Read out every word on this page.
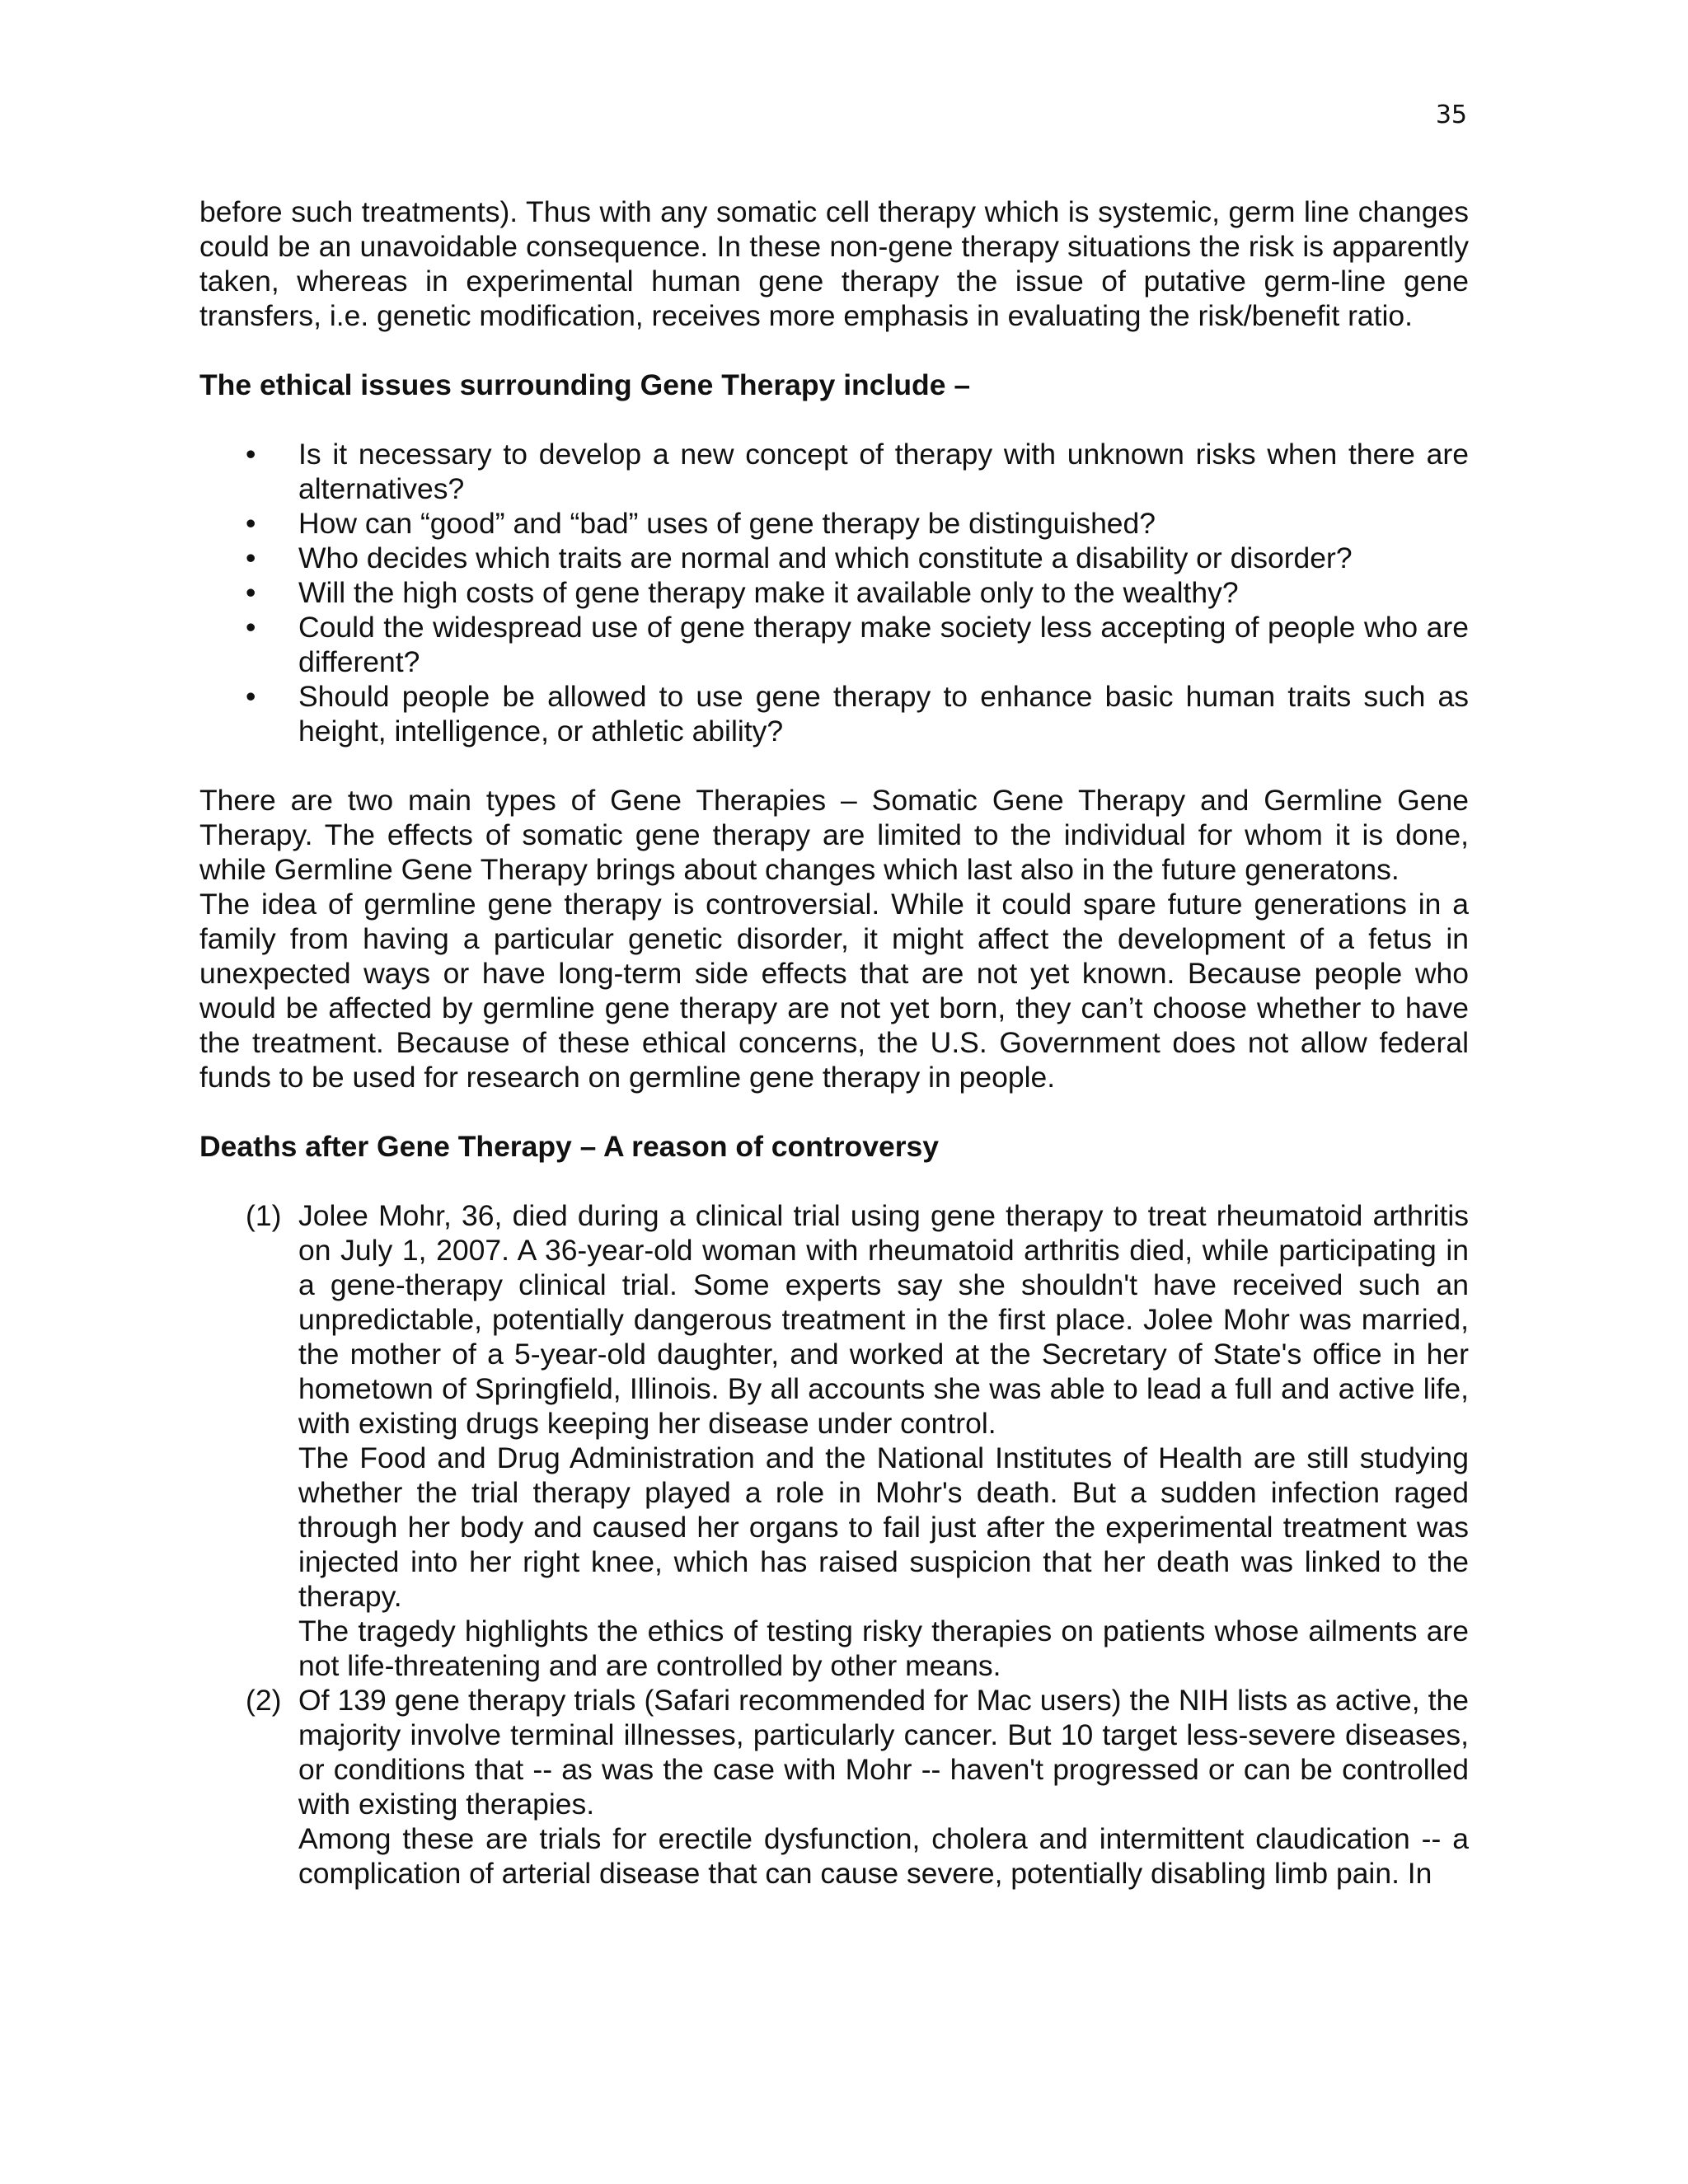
35

before such treatments). Thus with any somatic cell therapy which is systemic, germ line changes could be an unavoidable consequence. In these non-gene therapy situations the risk is apparently taken, whereas in experimental human gene therapy the issue of putative germ-line gene transfers, i.e. genetic modification, receives more emphasis in evaluating the risk/benefit ratio.

The ethical issues surrounding Gene Therapy include –
• Is it necessary to develop a new concept of therapy with unknown risks when there are alternatives?
• How can “good” and “bad” uses of gene therapy be distinguished?
• Who decides which traits are normal and which constitute a disability or disorder?
• Will the high costs of gene therapy make it available only to the wealthy?
• Could the widespread use of gene therapy make society less accepting of people who are different?
• Should people be allowed to use gene therapy to enhance basic human traits such as height, intelligence, or athletic ability?

There are two main types of Gene Therapies – Somatic Gene Therapy and Germline Gene Therapy. The effects of somatic gene therapy are limited to the individual for whom it is done, while Germline Gene Therapy brings about changes which last also in the future generatons.

The idea of germline gene therapy is controversial. While it could spare future generations in a family from having a particular genetic disorder, it might affect the development of a fetus in unexpected ways or have long-term side effects that are not yet known. Because people who would be affected by germline gene therapy are not yet born, they can’t choose whether to have the treatment. Because of these ethical concerns, the U.S. Government does not allow federal funds to be used for research on germline gene therapy in people.

Deaths after Gene Therapy – A reason of controversy
(1) Jolee Mohr, 36, died during a clinical trial using gene therapy to treat rheumatoid arthritis on July 1, 2007. A 36-year-old woman with rheumatoid arthritis died, while participating in a gene-therapy clinical trial. Some experts say she shouldn't have received such an unpredictable, potentially dangerous treatment in the first place. Jolee Mohr was married, the mother of a 5-year-old daughter, and worked at the Secretary of State's office in her hometown of Springfield, Illinois. By all accounts she was able to lead a full and active life, with existing drugs keeping her disease under control.

The Food and Drug Administration and the National Institutes of Health are still studying whether the trial therapy played a role in Mohr's death. But a sudden infection raged through her body and caused her organs to fail just after the experimental treatment was injected into her right knee, which has raised suspicion that her death was linked to the therapy.

The tragedy highlights the ethics of testing risky therapies on patients whose ailments are not life-threatening and are controlled by other means.

(2) Of 139 gene therapy trials (Safari recommended for Mac users) the NIH lists as active, the majority involve terminal illnesses, particularly cancer. But 10 target less-severe diseases, or conditions that -- as was the case with Mohr -- haven't progressed or can be controlled with existing therapies.

Among these are trials for erectile dysfunction, cholera and intermittent claudication -- a complication of arterial disease that can cause severe, potentially disabling limb pain. In
